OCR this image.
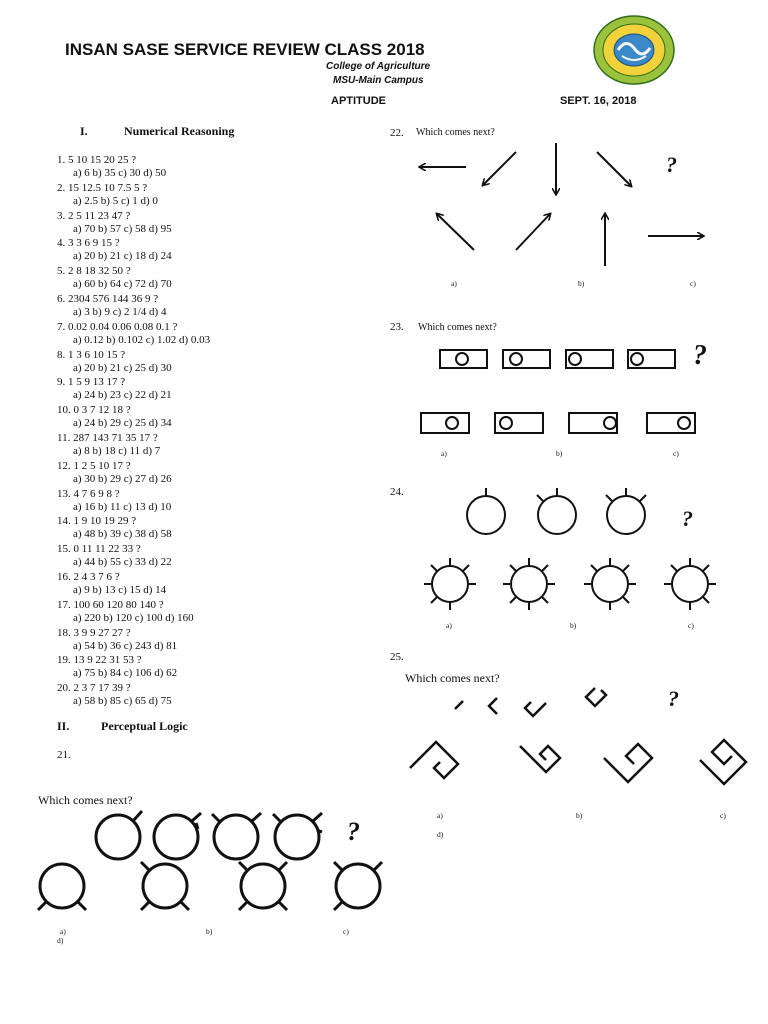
INSAN SASE SERVICE REVIEW CLASS 2018
College of Agriculture
MSU-Main Campus
APTITUDE	SEPT. 16, 2018
I.	Numerical Reasoning
1. 5 10 15 20 25 ?
a) 6 b) 35 c) 30 d) 50
2. 15 12.5 10 7.5 5 ?
a) 2.5 b) 5 c) 1 d) 0
3. 2 5 11 23 47 ?
a) 70 b) 57 c) 58 d) 95
4. 3 3 6 9 15 ?
a) 20 b) 21 c) 18 d) 24
5. 2 8 18 32 50 ?
a) 60 b) 64 c) 72 d) 70
6. 2304 576 144 36 9 ?
a) 3 b) 9 c) 2 1/4 d) 4
7. 0.02 0.04 0.06 0.08 0.1 ?
a) 0.12 b) 0.102 c) 1.02 d) 0.03
8. 1 3 6 10 15 ?
a) 20 b) 21 c) 25 d) 30
9. 1 5 9 13 17 ?
a) 24 b) 23 c) 22 d) 21
10. 0 3 7 12 18 ?
a) 24 b) 29 c) 25 d) 34
11. 287 143 71 35 17 ?
a) 8 b) 18 c) 11 d) 7
12. 1 2 5 10 17 ?
a) 30 b) 29 c) 27 d) 26
13. 4 7 6 9 8 ?
a) 16 b) 11 c) 13 d) 10
14. 1 9 10 19 29 ?
a) 48 b) 39 c) 38 d) 58
15. 0 11 11 22 33 ?
a) 44 b) 55 c) 33 d) 22
16. 2 4 3 7 6 ?
a) 9 b) 13 c) 15 d) 14
17. 100 60 120 80 140 ?
a) 220 b) 120 c) 100 d) 160
18. 3 9 9 27 27 ?
a) 54 b) 36 c) 243 d) 81
19. 13 9 22 31 53 ?
a) 75 b) 84 c) 106 d) 62
20. 2 3 7 17 39 ?
a) 58 b) 85 c) 65 d) 75
II.	Perceptual Logic
21.
Which comes next?
?
a)	b)	c)
d)
22. Which comes next?
?
a)	b)	c)
23. Which comes next?
?
a)	b)	c)
24.
?
a)	b)	c)
25.
Which comes next?
?
a)	b)	c)
d)
